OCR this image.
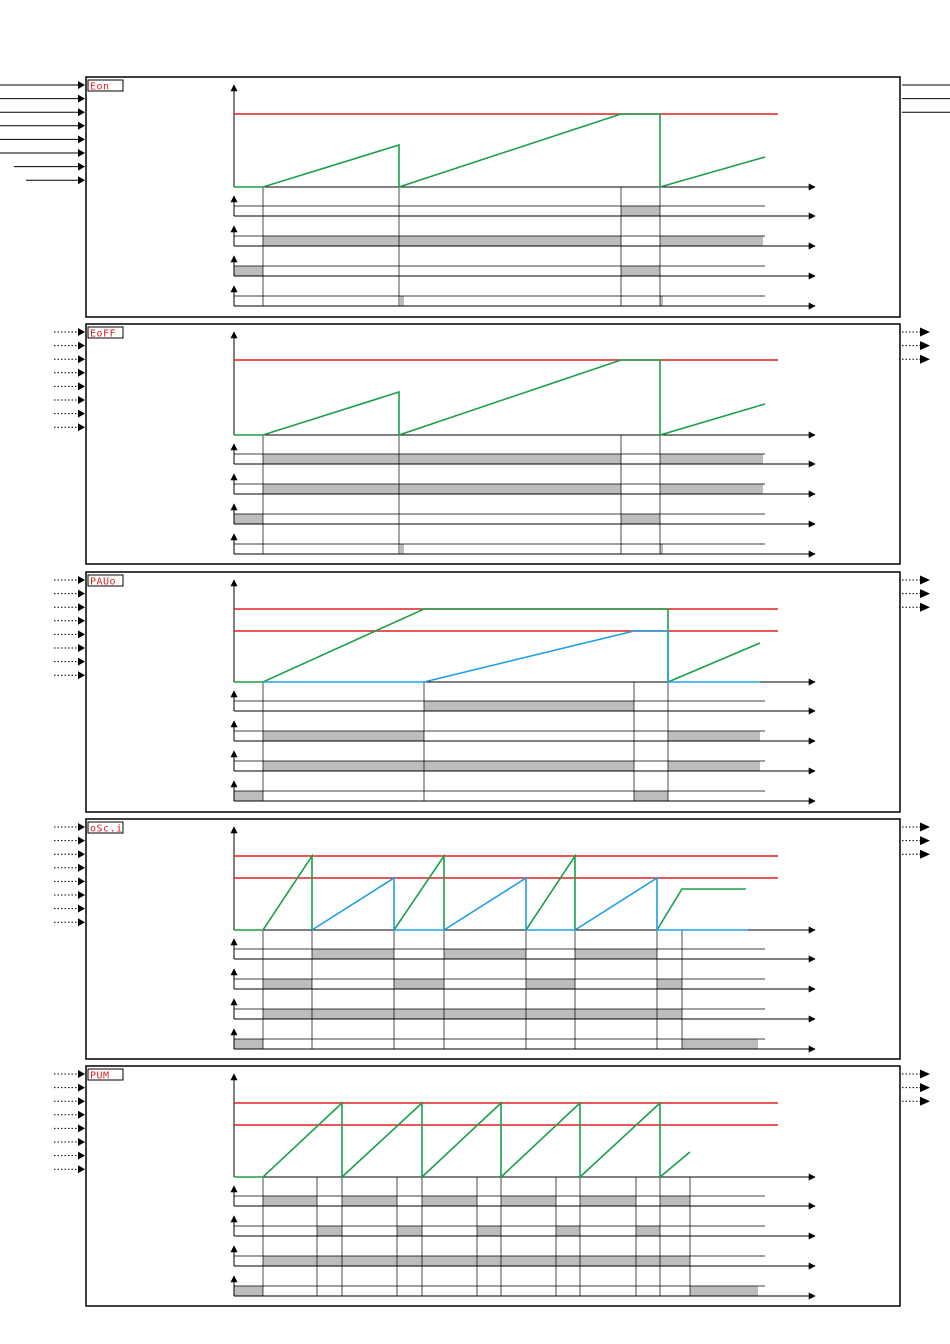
Eon
EoFF
PAUo
oSc.i
PUM
